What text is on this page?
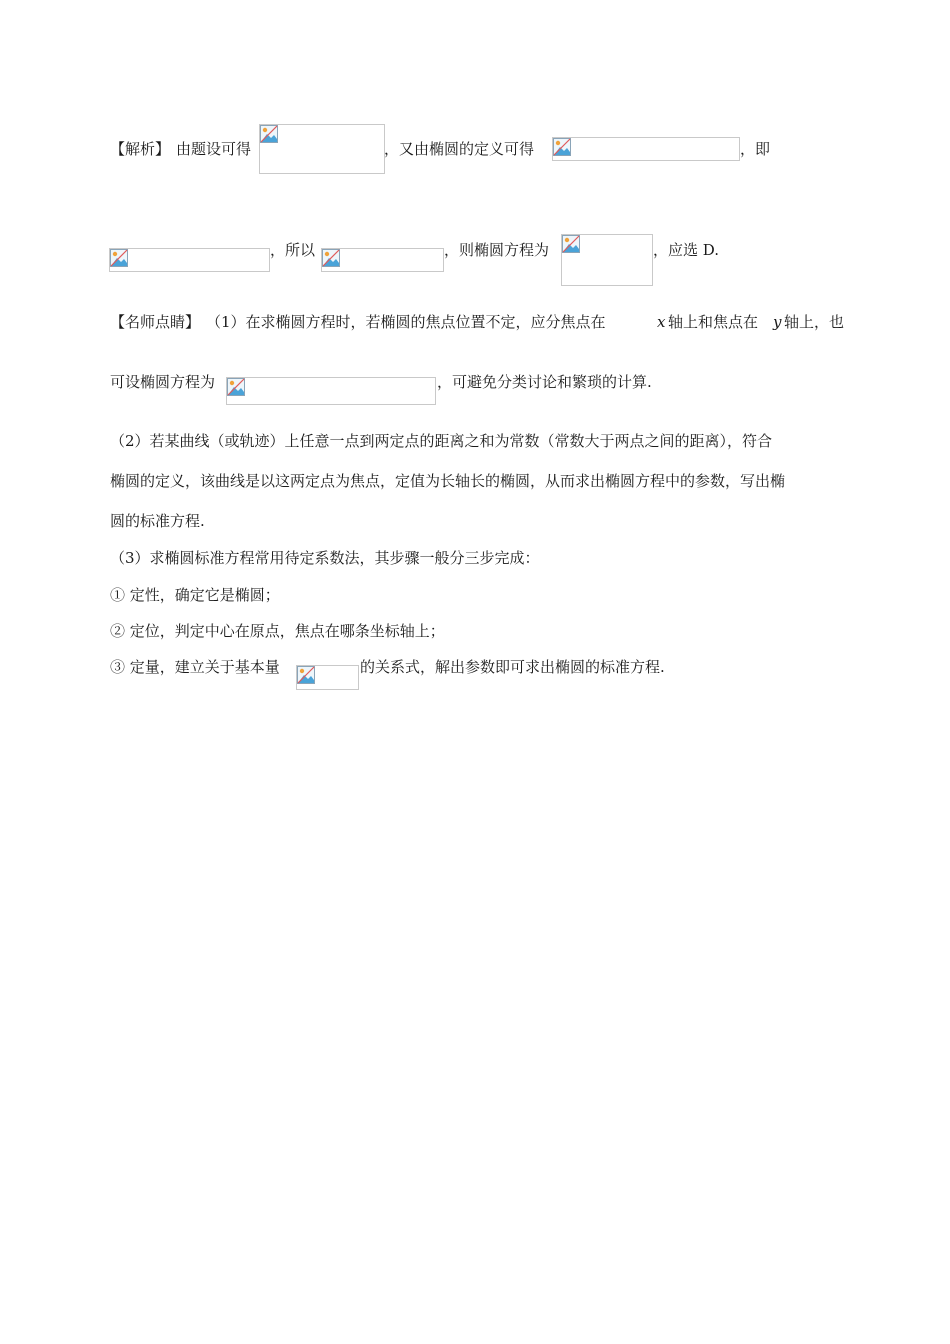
【解析】 由题设可得	，又由椭圆的定义可得	，即
，所以	，则椭圆方程为	，应选 D.
【名师点睛】 （1）在求椭圆方程时，若椭圆的焦点位置不定，应分焦点在	x 轴上和焦点在 y 轴上，也
可设椭圆方程为	，可避免分类讨论和繁琐的计算.
（2）若某曲线（或轨迹）上任意一点到两定点的距离之和为常数（常数大于两点之间的距离），符合
椭圆的定义，该曲线是以这两定点为焦点，定值为长轴长的椭圆，从而求出椭圆方程中的参数，写出椭
圆的标准方程.
（3）求椭圆标准方程常用待定系数法，其步骤一般分三步完成：
① 定性，确定它是椭圆；
② 定位，判定中心在原点，焦点在哪条坐标轴上；
③ 定量，建立关于基本量	的关系式，解出参数即可求出椭圆的标准方程.
